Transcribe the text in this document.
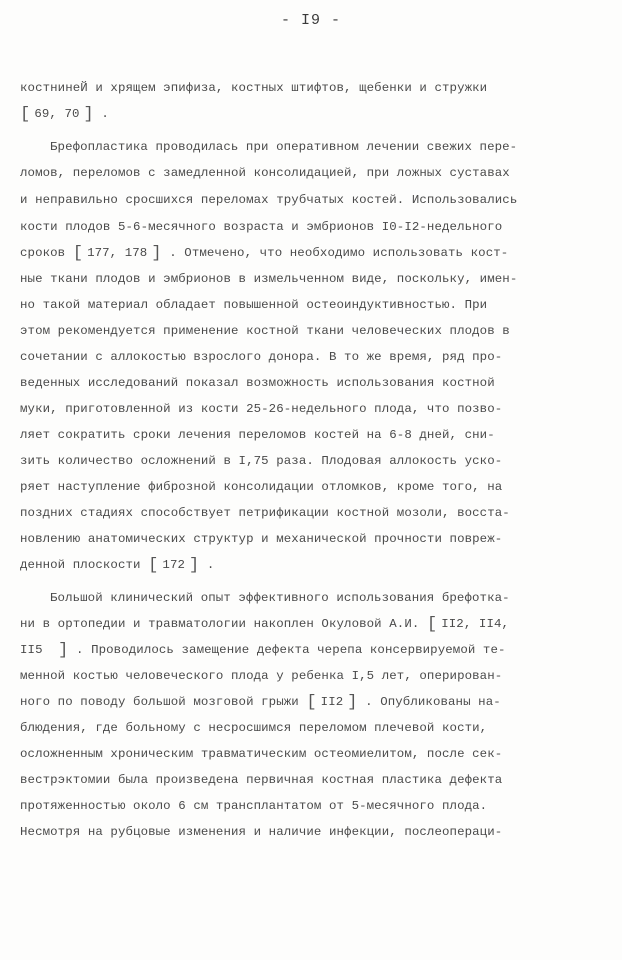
- I9 -
костнинеЙ и хрящем эпифиза, костных штифтов, щебенки и стружки
[ 69, 70 ] .
Брефопластика проводилась при оперативном лечении свежих пере-
ломов, переломов с замедленной консолидацией, при ложных суставах
и неправильно сросшихся переломах трубчатых костей. Использовались
кости плодов 5-6-месячного возраста и эмбрионов I0-I2-недельного
сроков [ 177, 178 ] . Отмечено, что необходимо использовать кост-
ные ткани плодов и эмбрионов в измельченном виде, поскольку, имен-
но такой материал обладает повышенной остеоиндуктивностью. При
этом рекомендуется применение костной ткани человеческих плодов в
сочетании с аллокостью взрослого донора. В то же время, ряд про-
веденных исследований показал возможность использования костной
муки, приготовленной из кости 25-26-недельного плода, что позво-
ляет сократить сроки лечения переломов костей на 6-8 дней, сни-
зить количество осложнений в I,75 раза. Плодовая аллокость уско-
ряет наступление фиброзной консолидации отломков, кроме того, на
поздних стадиях способствует петрификации костной мозоли, восста-
новлению анатомических структур и механической прочности повреж-
денной плоскости [ 172 ] .
Большой клинический опыт эффективного использования брефоткa-
ни в ортопедии и травматологии накоплен Окуловой А.И. [ II2, II4,
II5 ] . Проводилось замещение дефекта черепа консервируемой те-
менной костью человеческого плода у ребенка I,5 лет, оперирован-
ного по поводу большой мозговой грыжи [ II2 ] . Опубликованы на-
блюдения, где больному с несросшимся переломом плечевой кости,
осложненным хроническим травматическим остеомиелитом, после сек-
вестрэктомии была произведена первичная костная пластика дефекта
протяженностью около 6 см трансплантатом от 5-месячного плода.
Несмотря на рубцовые изменения и наличие инфекции, послеопераци-
